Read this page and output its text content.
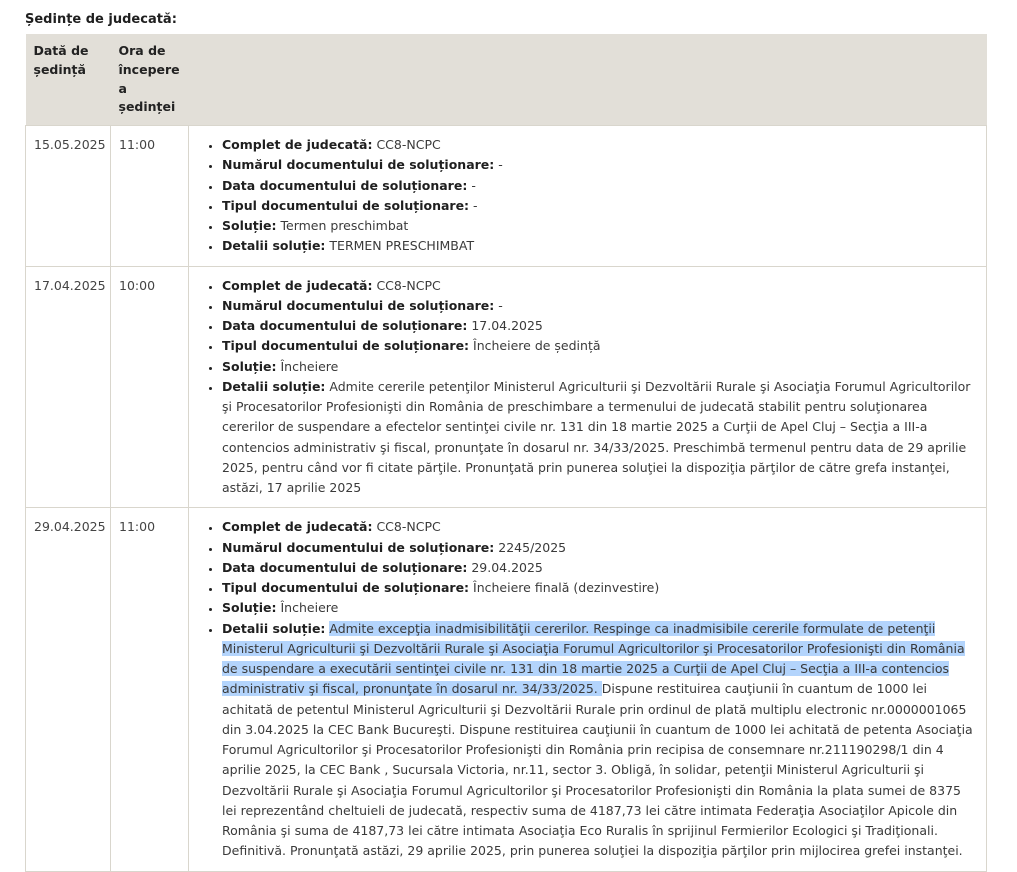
Ședințe de judecată:
Dată de ședință	Ora de începere a ședinței	
15.05.2025	11:00	
•Complet de judecată: CC8-NCPC
• Numărul documentului de soluționare: -
• Data documentului de soluționare: -
• Tipul documentului de soluționare: -
• Soluție: Termen preschimbat
• Detalii soluție: TERMEN PRESCHIMBAT

17.04.2025	10:00	
•Complet de judecată: CC8-NCPC
• Numărul documentului de soluționare: -
• Data documentului de soluționare: 17.04.2025
• Tipul documentului de soluționare: Încheiere de ședință
• Soluție: Încheiere
• Detalii soluție: Admite cererile petenţilor Ministerul Agriculturii şi Dezvoltării Rurale şi Asociaţia Forumul Agricultorilor şi Procesatorilor Profesionişti din România de preschimbare a termenului de judecată stabilit pentru soluţionarea cererilor de suspendare a efectelor sentinţei civile nr. 131 din 18 martie 2025 a Curţii de Apel Cluj – Secţia a III-a contencios administrativ şi fiscal, pronunţate în dosarul nr. 34/33/2025. Preschimbă termenul pentru data de 29 aprilie 2025, pentru când vor fi citate părţile. Pronunţată prin punerea soluţiei la dispoziţia părţilor de către grefa instanţei, astăzi, 17 aprilie 2025

29.04.2025	11:00	
•Complet de judecată: CC8-NCPC
• Numărul documentului de soluționare: 2245/2025
• Data documentului de soluționare: 29.04.2025
• Tipul documentului de soluționare: Încheiere finală (dezinvestire)
• Soluție: Încheiere
• Detalii soluție: Admite excepţia inadmisibilităţii cererilor. Respinge ca inadmisibile cererile formulate de petenţii Ministerul Agriculturii şi Dezvoltării Rurale şi Asociaţia Forumul Agricultorilor şi Procesatorilor Profesionişti din România de suspendare a executării sentinţei civile nr. 131 din 18 martie 2025 a Curţii de Apel Cluj – Secţia a III-a contencios administrativ şi fiscal, pronunţate în dosarul nr. 34/33/2025. Dispune restituirea cauţiunii în cuantum de 1000 lei achitată de petentul Ministerul Agriculturii şi Dezvoltării Rurale prin ordinul de plată multiplu electronic nr.0000001065 din 3.04.2025 la CEC Bank Bucureşti. Dispune restituirea cauţiunii în cuantum de 1000 lei achitată de petenta Asociaţia Forumul Agricultorilor şi Procesatorilor Profesionişti din România prin recipisa de consemnare nr.211190298/1 din 4 aprilie 2025, la CEC Bank , Sucursala Victoria, nr.11, sector 3. Obligă, în solidar, petenţii Ministerul Agriculturii şi Dezvoltării Rurale şi Asociaţia Forumul Agricultorilor şi Procesatorilor Profesionişti din România la plata sumei de 8375 lei reprezentând cheltuieli de judecată, respectiv suma de 4187,73 lei către intimata Federaţia Asociaţilor Apicole din România şi suma de 4187,73 lei către intimata Asociaţia Eco Ruralis în sprijinul Fermierilor Ecologici şi Tradiţionali. Definitivă. Pronunţată astăzi, 29 aprilie 2025, prin punerea soluţiei la dispoziţia părţilor prin mijlocirea grefei instanţei.
